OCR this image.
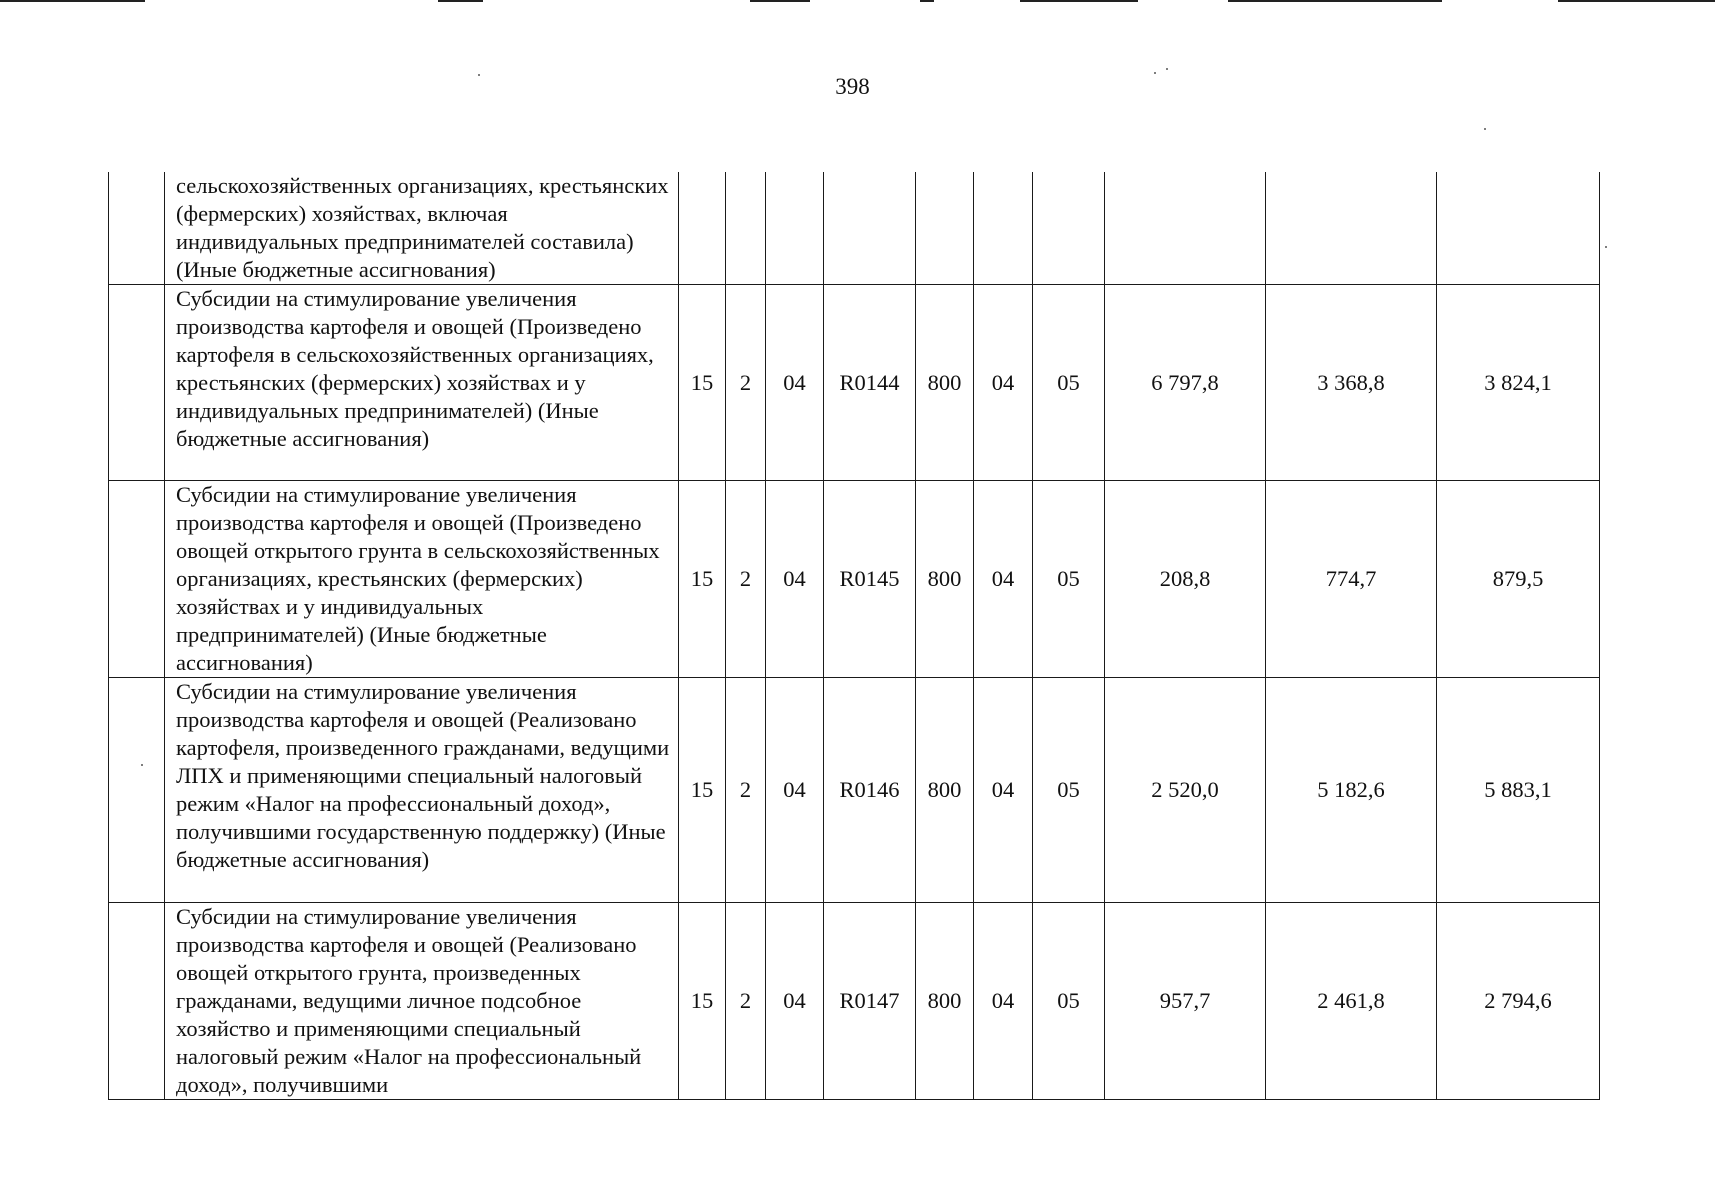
398
	сельскохозяйственных организациях, крестьянских (фермерских) хозяйствах, включая индивидуальных предпринимателей составила) (Иные бюджетные ассигнования)										
	Субсидии на стимулирование увеличения производства картофеля и овощей (Произведено картофеля в сельскохозяйственных организациях, крестьянских (фермерских) хозяйствах и у индивидуальных предпринимателей) (Иные бюджетные ассигнования)	15	2	04	R0144	800	04	05	6 797,8	3 368,8	3 824,1
	Субсидии на стимулирование увеличения производства картофеля и овощей (Произведено овощей открытого грунта в сельскохозяйственных организациях, крестьянских (фермерских) хозяйствах и у индивидуальных предпринимателей) (Иные бюджетные ассигнования)	15	2	04	R0145	800	04	05	208,8	774,7	879,5
	Субсидии на стимулирование увеличения производства картофеля и овощей (Реализовано картофеля, произведенного гражданами, ведущими ЛПХ и применяющими специальный налоговый режим «Налог на профессиональный доход», получившими государственную поддержку) (Иные бюджетные ассигнования)	15	2	04	R0146	800	04	05	2 520,0	5 182,6	5 883,1
	Субсидии на стимулирование увеличения производства картофеля и овощей (Реализовано овощей открытого грунта, произведенных гражданами, ведущими личное подсобное хозяйство и применяющими специальный налоговый режим «Налог на профессиональный доход», получившими	15	2	04	R0147	800	04	05	957,7	2 461,8	2 794,6
